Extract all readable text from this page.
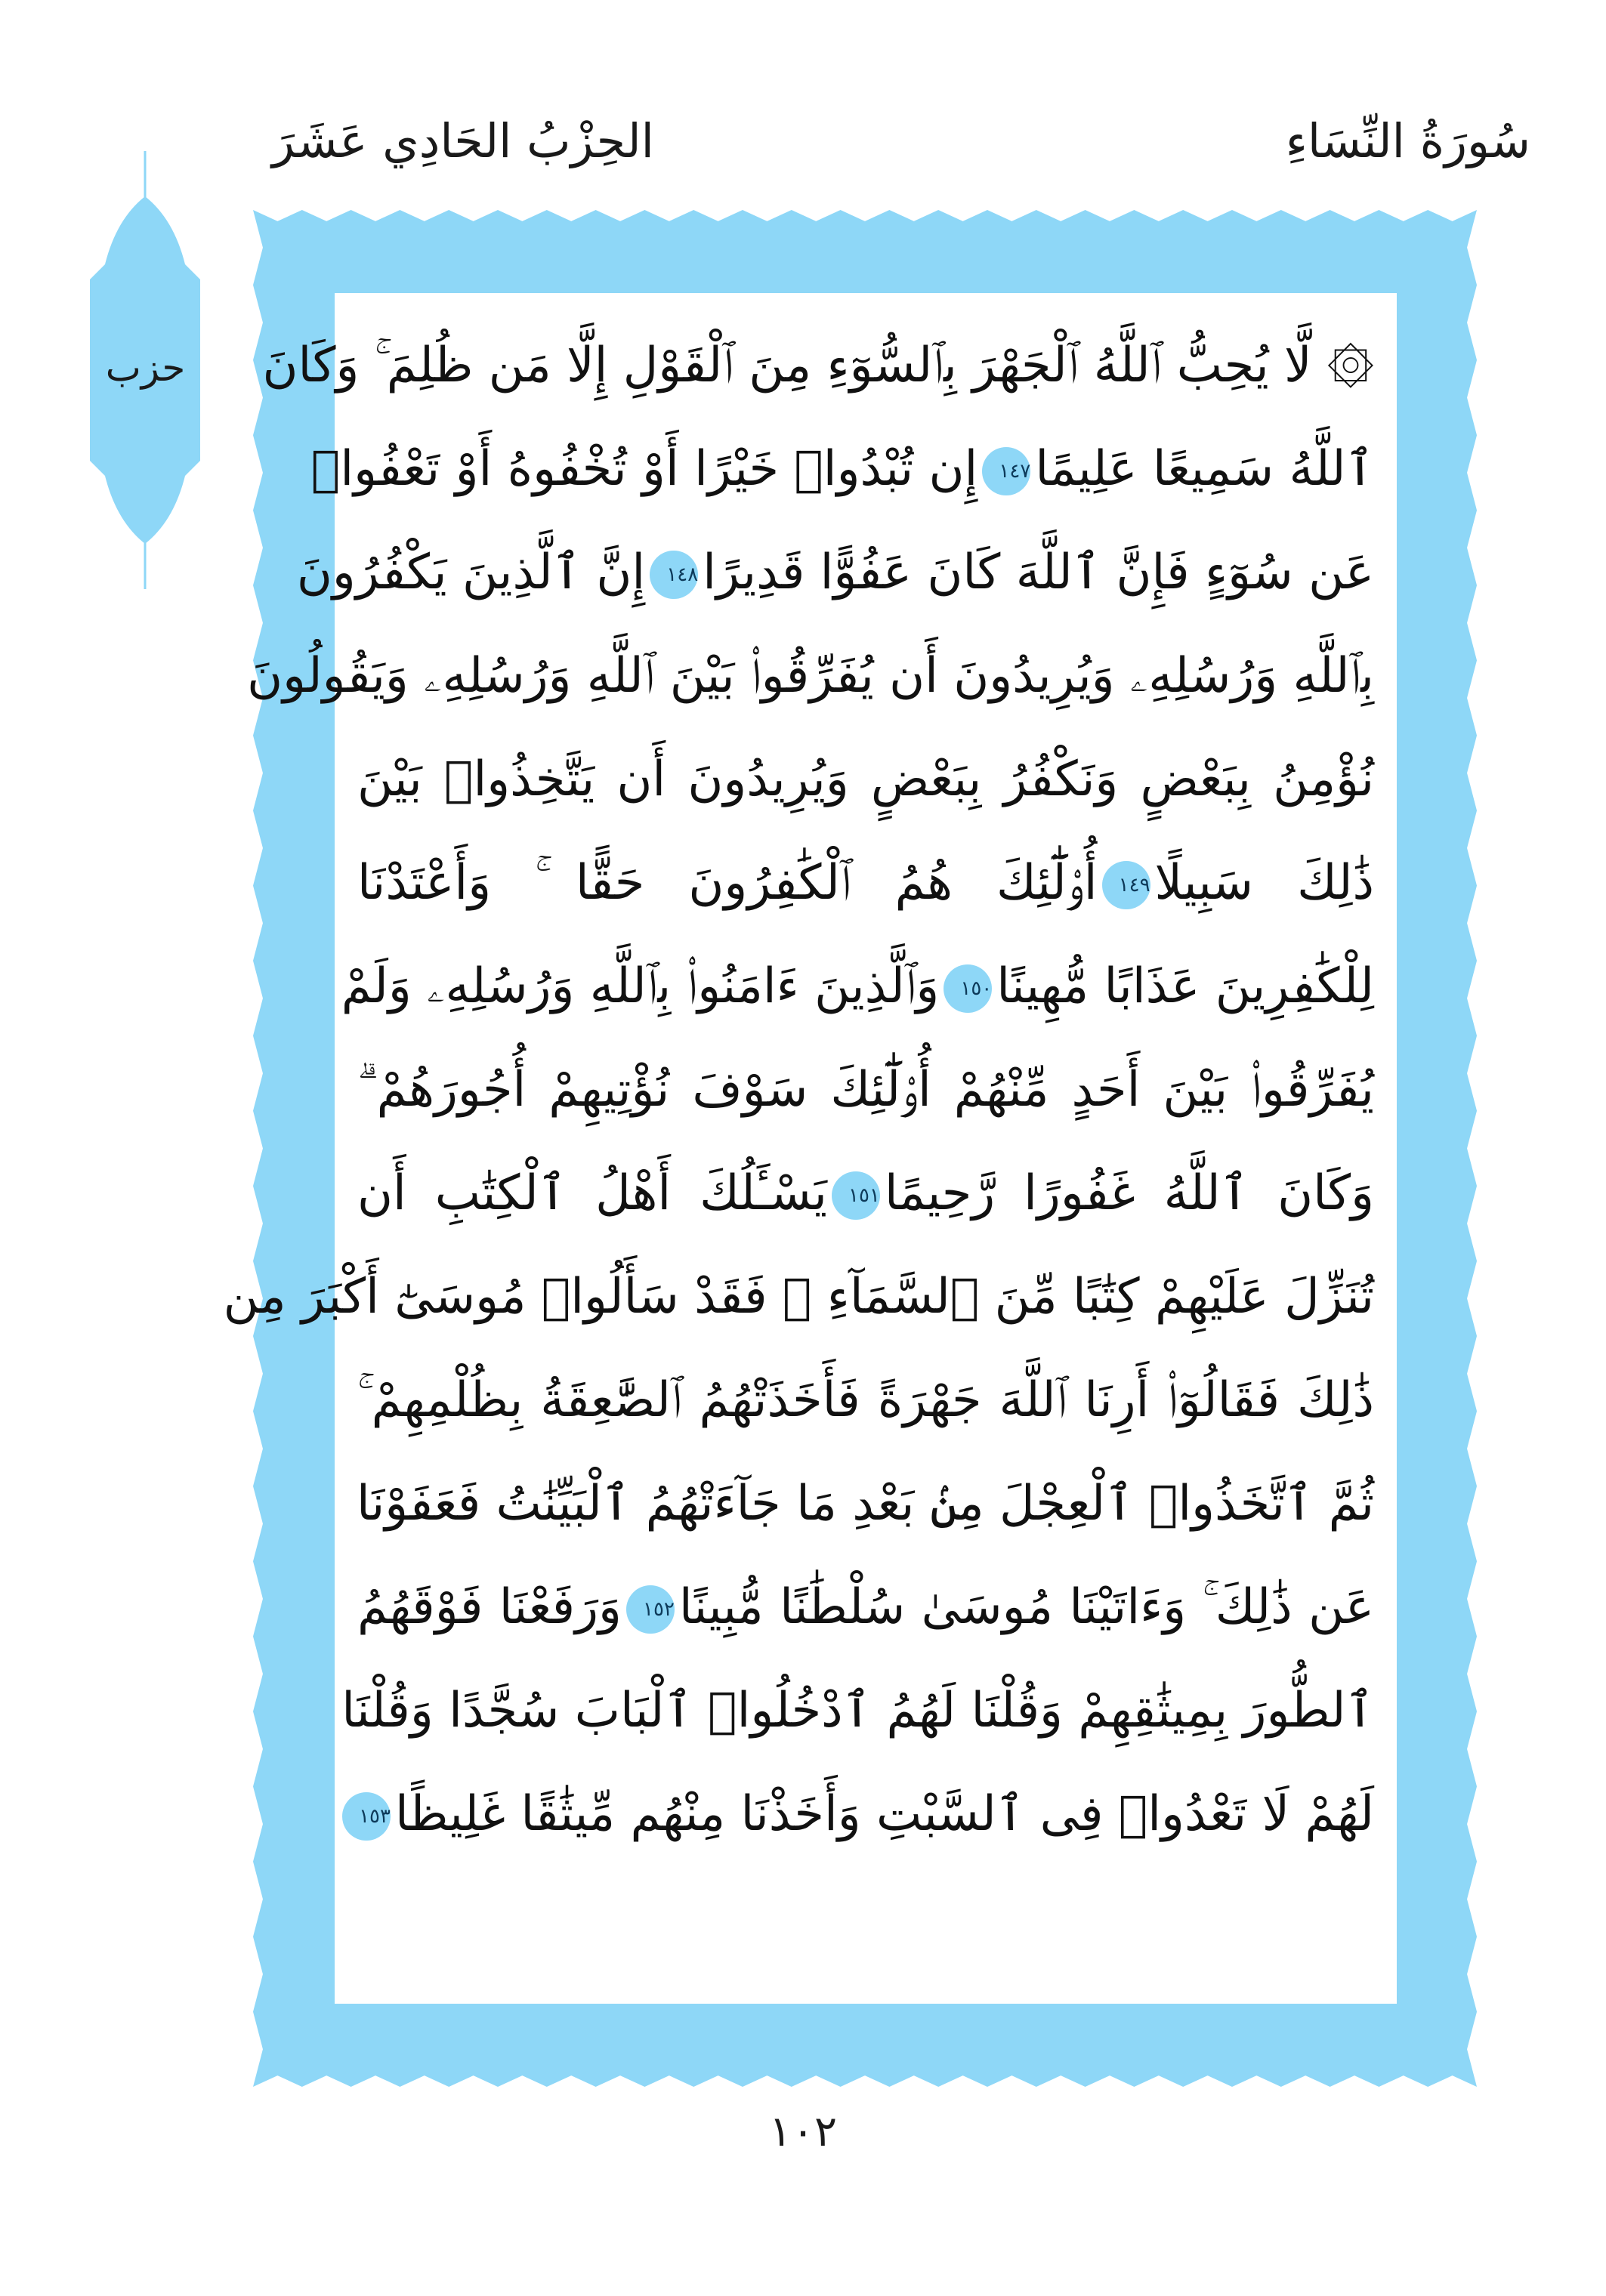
الحِزْبُ الحَادِي عَشَرَ	سُورَةُ النِّسَاءِ
حزب	۞ لَّا يُحِبُّ ٱللَّهُ ٱلْجَهْرَ بِٱلسُّوٓءِ مِنَ ٱلْقَوْلِ إِلَّا مَن ظُلِمَ ۚ وَكَانَ
ٱللَّهُ سَمِيعًا عَلِيمًا١٤٧إِن تُبْدُوا۟ خَيْرًا أَوْ تُخْفُوهُ أَوْ تَعْفُوا۟
عَن سُوٓءٍ فَإِنَّ ٱللَّهَ كَانَ عَفُوًّا قَدِيرًا١٤٨إِنَّ ٱلَّذِينَ يَكْفُرُونَ
بِٱللَّهِ وَرُسُلِهِۦ وَيُرِيدُونَ أَن يُفَرِّقُوا۟ بَيْنَ ٱللَّهِ وَرُسُلِهِۦ وَيَقُولُونَ
نُؤْمِنُ بِبَعْضٍ وَنَكْفُرُ بِبَعْضٍ وَيُرِيدُونَ أَن يَتَّخِذُوا۟ بَيْنَ
ذَٰلِكَ سَبِيلًا١٤٩أُو۟لَٰٓئِكَ هُمُ ٱلْكَٰفِرُونَ حَقًّا ۚ وَأَعْتَدْنَا
لِلْكَٰفِرِينَ عَذَابًا مُّهِينًا١٥٠وَٱلَّذِينَ ءَامَنُوا۟ بِٱللَّهِ وَرُسُلِهِۦ وَلَمْ
يُفَرِّقُوا۟ بَيْنَ أَحَدٍ مِّنْهُمْ أُو۟لَٰٓئِكَ سَوْفَ نُؤْتِيهِمْ أُجُورَهُمْ ۗ
وَكَانَ ٱللَّهُ غَفُورًا رَّحِيمًا١٥١يَسْـَٔلُكَ أَهْلُ ٱلْكِتَٰبِ أَن
تُنَزِّلَ عَلَيْهِمْ كِتَٰبًا مِّنَ ٱلسَّمَآءِ ۚ فَقَدْ سَأَلُوا۟ مُوسَىٰٓ أَكْبَرَ مِن
ذَٰلِكَ فَقَالُوٓا۟ أَرِنَا ٱللَّهَ جَهْرَةً فَأَخَذَتْهُمُ ٱلصَّٰعِقَةُ بِظُلْمِهِمْ ۚ
ثُمَّ ٱتَّخَذُوا۟ ٱلْعِجْلَ مِنۢ بَعْدِ مَا جَآءَتْهُمُ ٱلْبَيِّنَٰتُ فَعَفَوْنَا
عَن ذَٰلِكَ ۚ وَءَاتَيْنَا مُوسَىٰ سُلْطَٰنًا مُّبِينًا١٥٢وَرَفَعْنَا فَوْقَهُمُ
ٱلطُّورَ بِمِيثَٰقِهِمْ وَقُلْنَا لَهُمُ ٱدْخُلُوا۟ ٱلْبَابَ سُجَّدًا وَقُلْنَا
لَهُمْ لَا تَعْدُوا۟ فِى ٱلسَّبْتِ وَأَخَذْنَا مِنْهُم مِّيثَٰقًا غَلِيظًا١٥٣
١٠٢
